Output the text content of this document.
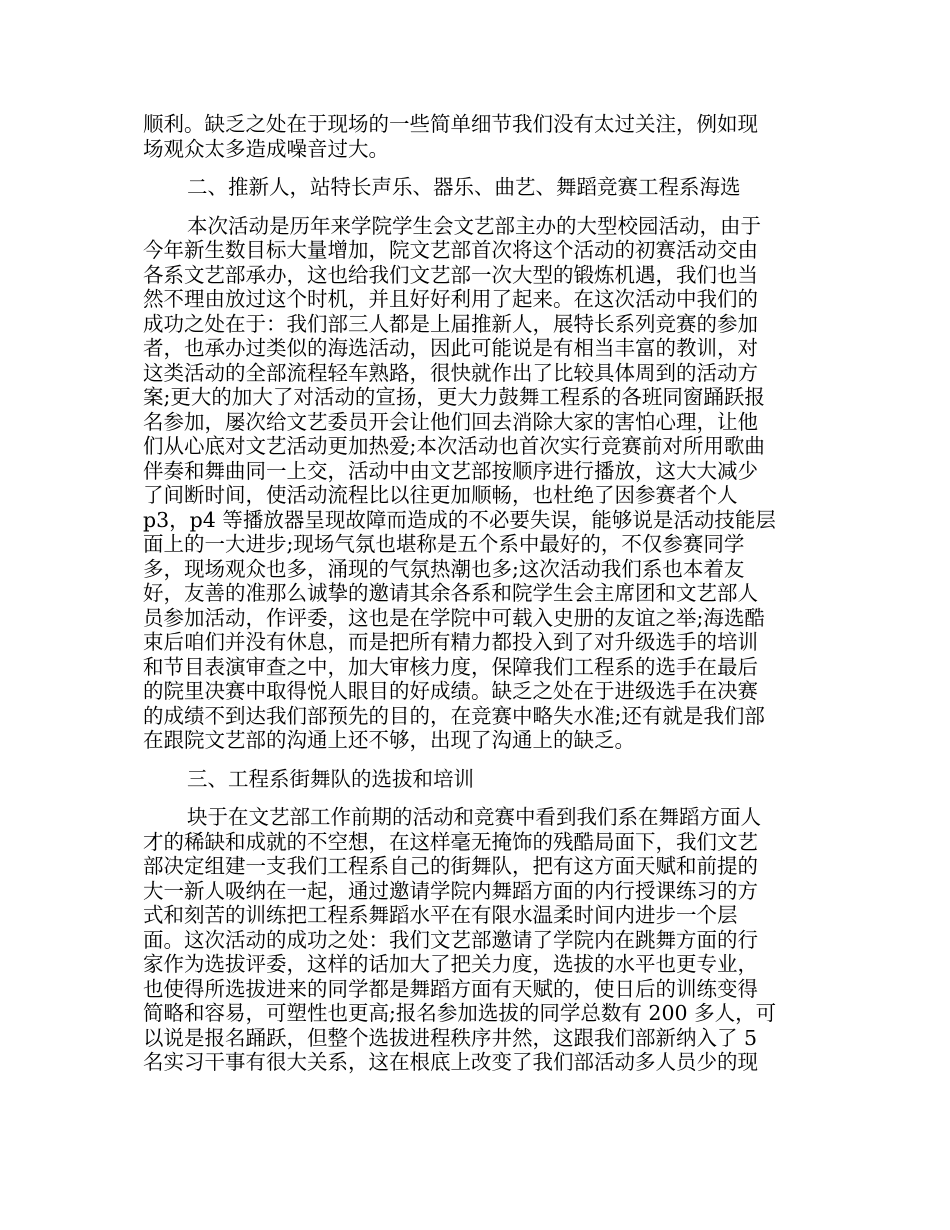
顺利。缺乏之处在于现场的一些简单细节我们没有太过关注，例如现
场观众太多造成噪音过大。
二、推新人，站特长声乐、器乐、曲艺、舞蹈竞赛工程系海选
本次活动是历年来学院学生会文艺部主办的大型校园活动，由于
今年新生数目标大量增加，院文艺部首次将这个活动的初赛活动交由
各系文艺部承办，这也给我们文艺部一次大型的锻炼机遇，我们也当
然不理由放过这个时机，并且好好利用了起来。在这次活动中我们的
成功之处在于：我们部三人都是上届推新人，展特长系列竞赛的参加
者，也承办过类似的海选活动，因此可能说是有相当丰富的教训，对
这类活动的全部流程轻车熟路，很快就作出了比较具体周到的活动方
案;更大的加大了对活动的宣扬，更大力鼓舞工程系的各班同窗踊跃报
名参加，屡次给文艺委员开会让他们回去消除大家的害怕心理，让他
们从心底对文艺活动更加热爱;本次活动也首次实行竞赛前对所用歌曲
伴奏和舞曲同一上交，活动中由文艺部按顺序进行播放，这大大减少
了间断时间，使活动流程比以往更加顺畅，也杜绝了因参赛者个人
p3，p4 等播放器呈现故障而造成的不必要失误，能够说是活动技能层
面上的一大进步;现场气氛也堪称是五个系中最好的，不仅参赛同学
多，现场观众也多，涌现的气氛热潮也多;这次活动我们系也本着友
好，友善的准那么诚挚的邀请其余各系和院学生会主席团和文艺部人
员参加活动，作评委，这也是在学院中可载入史册的友谊之举;海选酷
束后咱们并没有休息，而是把所有精力都投入到了对升级选手的培训
和节目表演审查之中，加大审核力度，保障我们工程系的选手在最后
的院里决赛中取得悦人眼目的好成绩。缺乏之处在于进级选手在决赛
的成绩不到达我们部预先的目的，在竞赛中略失水准;还有就是我们部
在跟院文艺部的沟通上还不够，出现了沟通上的缺乏。
三、工程系街舞队的选拔和培训
块于在文艺部工作前期的活动和竞赛中看到我们系在舞蹈方面人
才的稀缺和成就的不空想，在这样毫无掩饰的残酷局面下，我们文艺
部决定组建一支我们工程系自己的街舞队，把有这方面天赋和前提的
大一新人吸纳在一起，通过邀请学院内舞蹈方面的内行授课练习的方
式和刻苦的训练把工程系舞蹈水平在有限水温柔时间内进步一个层
面。这次活动的成功之处：我们文艺部邀请了学院内在跳舞方面的行
家作为选拔评委，这样的话加大了把关力度，选拔的水平也更专业，
也使得所选拔进来的同学都是舞蹈方面有天赋的，使日后的训练变得
简略和容易，可塑性也更高;报名参加选拔的同学总数有 200 多人，可
以说是报名踊跃，但整个选拔进程秩序井然，这跟我们部新纳入了 5
名实习干事有很大关系，这在根底上改变了我们部活动多人员少的现
